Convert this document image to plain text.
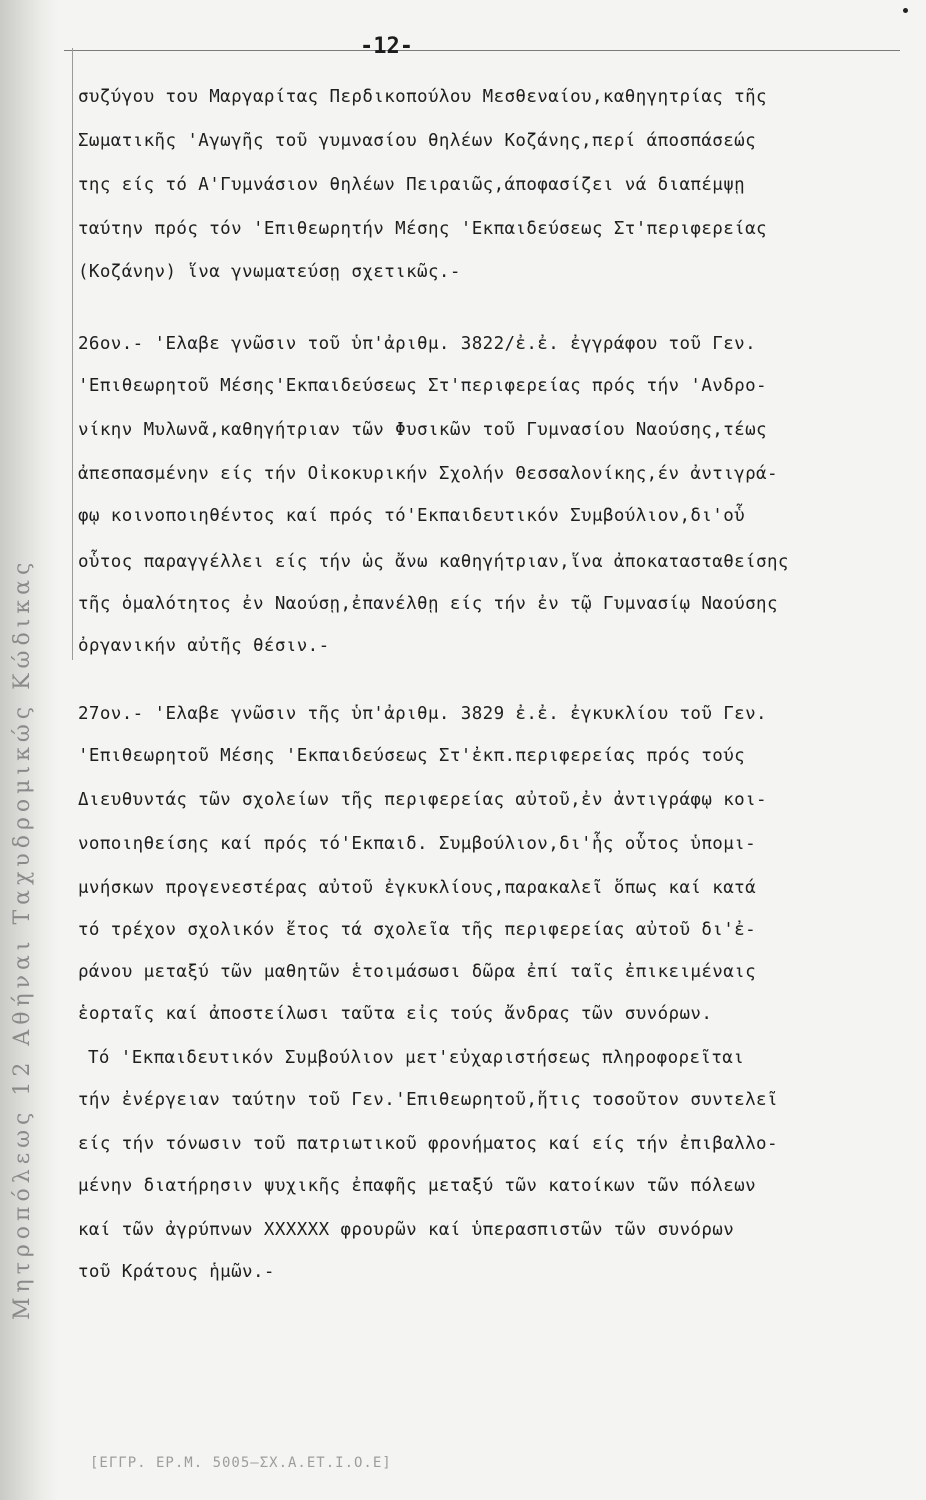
Μητροπόλεως 12 Αθήναι Ταχυδρομικώς Κώδικας
-12-
συζύγου του Μαργαρίτας Περδικοπούλου Μεσθεναίου,καθηγητρίας τῆς
Σωματικῆς 'Αγωγῆς τοῦ γυμνασίου θηλέων Κοζάνης,περί άποσπάσεώς
της είς τό Α'Γυμνάσιον θηλέων Πειραιῶς,άποφασίζει νά διαπέμψῃ
ταύτην πρός τόν 'Επιθεωρητήν Μέσης 'Εκπαιδεύσεως Στ'περιφερείας
(Κοζάνην) ἵνα γνωματεύσῃ σχετικῶς.-
26ον.- 'Ελαβε γνῶσιν τοῦ ὑπ'ἀριθμ. 3822/ἐ.ἐ. ἐγγράφου τοῦ Γεν.
'Επιθεωρητοῦ Μέσης'Εκπαιδεύσεως Στ'περιφερείας πρός τήν 'Ανδρο-
νίκην Μυλωνᾶ,καθηγήτριαν τῶν Φυσικῶν τοῦ Γυμνασίου Ναούσης,τέως
ἀπεσπασμένην είς τήν Οἰκοκυρικήν Σχολήν Θεσσαλονίκης,έν ἀντιγρά-
φῳ κοινοποιηθέντος καί πρός τό'Εκπαιδευτικόν Συμβούλιον,δι'οὗ
οὗτος παραγγέλλει είς τήν ὡς ἄνω καθηγήτριαν,ἵνα ἀποκατασταθείσης
τῆς ὁμαλότητος ἐν Ναούσῃ,ἐπανέλθῃ είς τήν ἐν τῷ Γυμνασίῳ Ναούσης
ὀργανικήν αὐτῆς θέσιν.-
27ον.- 'Ελαβε γνῶσιν τῆς ὑπ'ἀριθμ. 3829 ἐ.ἐ. ἐγκυκλίου τοῦ Γεν.
'Επιθεωρητοῦ Μέσης 'Εκπαιδεύσεως Στ'ἐκπ.περιφερείας πρός τούς
Διευθυντάς τῶν σχολείων τῆς περιφερείας αὐτοῦ,ἐν ἀντιγράφῳ κοι-
νοποιηθείσης καί πρός τό'Εκπαιδ. Συμβούλιον,δι'ἧς οὗτος ὑπομι-
μνήσκων προγενεστέρας αὐτοῦ ἐγκυκλίους,παρακαλεῖ ὅπως καί κατά
τό τρέχον σχολικόν ἔτος τά σχολεῖα τῆς περιφερείας αὐτοῦ δι'ἐ-
ράνου μεταξύ τῶν μαθητῶν ἑτοιμάσωσι δῶρα ἐπί ταῖς ἐπικειμέναις
ἑορταῖς καί ἀποστείλωσι ταῦτα εἰς τούς ἄνδρας τῶν συνόρων.
Τό 'Εκπαιδευτικόν Συμβούλιον μετ'εὐχαριστήσεως πληροφορεῖται
τήν ἐνέργειαν ταύτην τοῦ Γεν.'Επιθεωρητοῦ,ἥτις τοσοῦτον συντελεῖ
είς τήν τόνωσιν τοῦ πατριωτικοῦ φρονήματος καί είς τήν ἐπιβαλλο-
μένην διατήρησιν ψυχικῆς ἐπαφῆς μεταξύ τῶν κατοίκων τῶν πόλεων
καί τῶν ἀγρύπνων ΧΧΧΧΧΧ φρουρῶν καί ὑπερασπιστῶν τῶν συνόρων
τοῦ Κράτους ἡμῶν.-
[ΕΓΓΡ. ΕΡ.Μ. 5005—ΣΧ.Α.ΕΤ.Ι.Ο.Ε]
